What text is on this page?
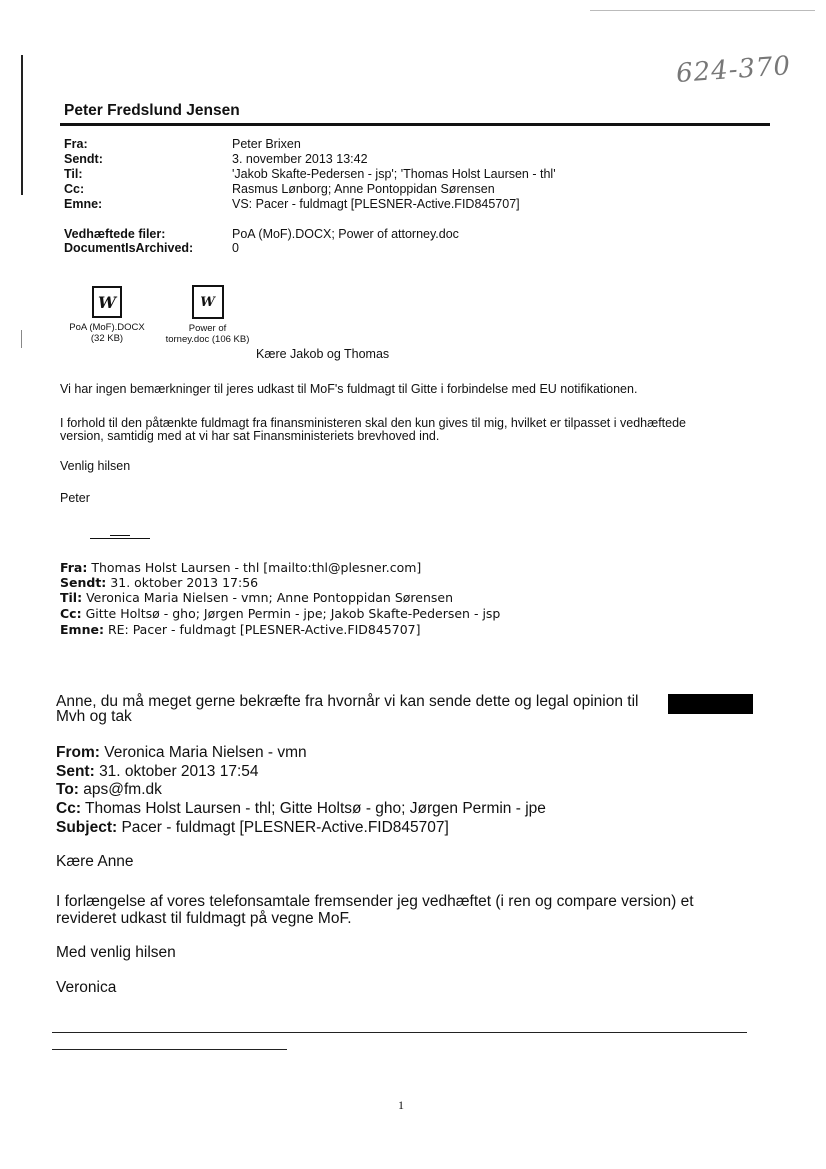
624-370
Peter Fredslund Jensen
Fra:	Peter Brixen
Sendt:	3. november 2013 13:42
Til:	'Jakob Skafte-Pedersen - jsp'; 'Thomas Holst Laursen - thl'
Cc:	Rasmus Lønborg; Anne Pontoppidan Sørensen
Emne:	VS: Pacer - fuldmagt [PLESNER-Active.FID845707]
Vedhæftede filer:	PoA (MoF).DOCX; Power of attorney.doc
DocumentIsArchived:	0
W
PoA (MoF).DOCX
(32 KB)
W
Power of
torney.doc (106 KB)
Kære Jakob og Thomas
Vi har ingen bemærkninger til jeres udkast til MoF's fuldmagt til Gitte i forbindelse med EU notifikationen.
I forhold til den påtænkte fuldmagt fra finansministeren skal den kun gives til mig, hvilket er tilpasset i vedhæftede
version, samtidig med at vi har sat Finansministeriets brevhoved ind.
Venlig hilsen
Peter
Fra: Thomas Holst Laursen - thl [mailto:thl@plesner.com]
Sendt: 31. oktober 2013 17:56
Til: Veronica Maria Nielsen - vmn; Anne Pontoppidan Sørensen
Cc: Gitte Holtsø - gho; Jørgen Permin - jpe; Jakob Skafte-Pedersen - jsp
Emne: RE: Pacer - fuldmagt [PLESNER-Active.FID845707]
Anne, du må meget gerne bekræfte fra hvornår vi kan sende dette og legal opinion til
Mvh og tak
From: Veronica Maria Nielsen - vmn
Sent: 31. oktober 2013 17:54
To: aps@fm.dk
Cc: Thomas Holst Laursen - thl; Gitte Holtsø - gho; Jørgen Permin - jpe
Subject: Pacer - fuldmagt [PLESNER-Active.FID845707]
Kære Anne
I forlængelse af vores telefonsamtale fremsender jeg vedhæftet (i ren og compare version) et
revideret udkast til fuldmagt på vegne MoF.
Med venlig hilsen
Veronica
1
